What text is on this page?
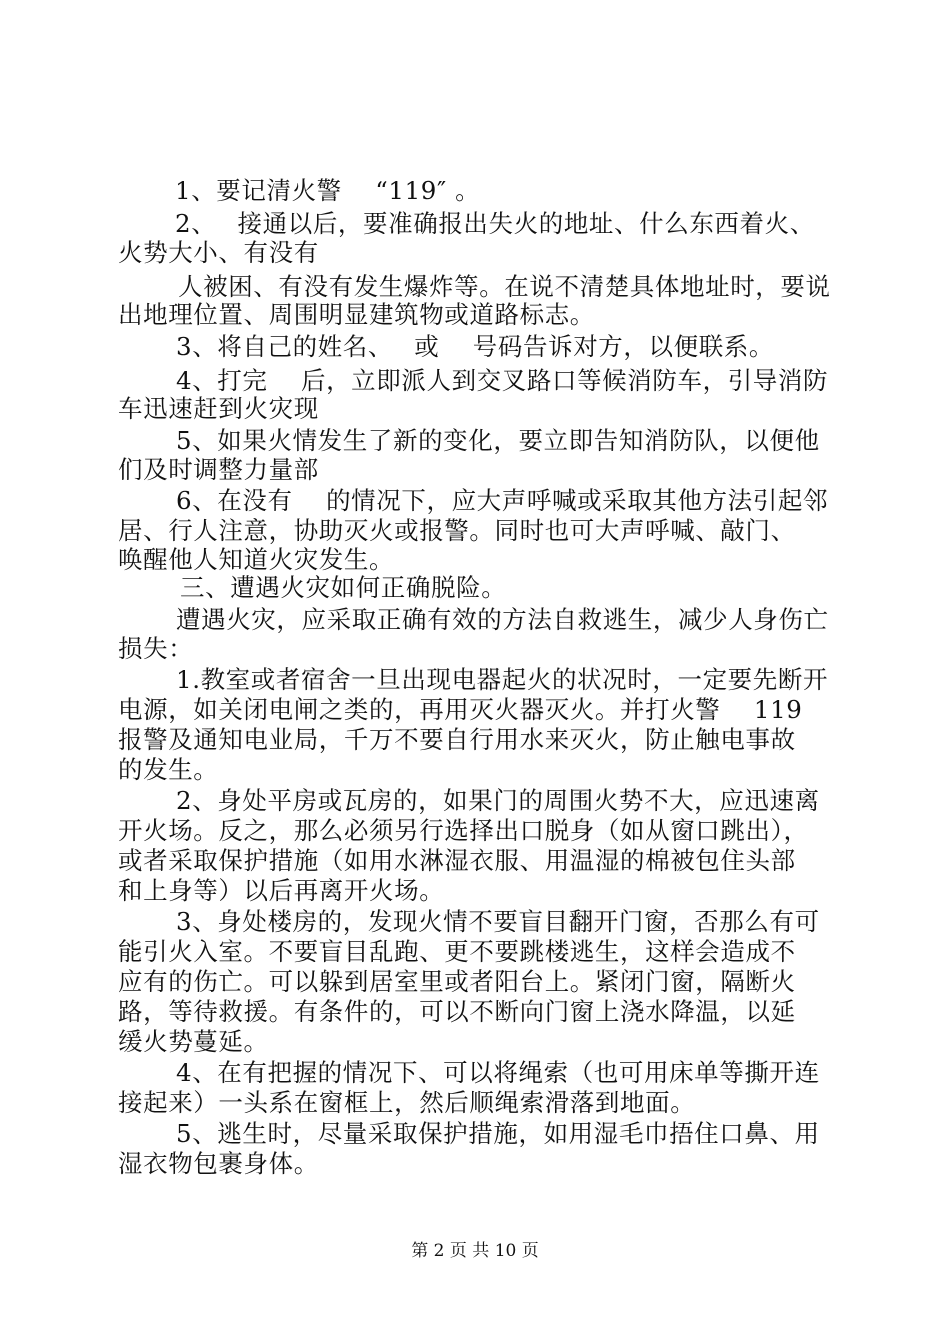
1、要记清火警　 “119″ 。
2、　 接通以后，要准确报出失火的地址、什么东西着火、
火势大小、有没有
人被困、有没有发生爆炸等。在说不清楚具体地址时，要说
出地理位置、周围明显建筑物或道路标志。
3、将自己的姓名、　 或　 号码告诉对方，以便联系。
4、打完　 后，立即派人到交叉路口等候消防车，引导消防
车迅速赶到火灾现
5、如果火情发生了新的变化，要立即告知消防队，以便他
们及时调整力量部
6、在没有　 的情况下，应大声呼喊或采取其他方法引起邻
居、行人注意，协助灭火或报警。同时也可大声呼喊、敲门、
唤醒他人知道火灾发生。
三、遭遇火灾如何正确脱险。
遭遇火灾，应采取正确有效的方法自救逃生，减少人身伤亡
损失：
1.教室或者宿舍一旦出现电器起火的状况时，一定要先断开
电源，如关闭电闸之类的，再用灭火器灭火。并打火警　 119
报警及通知电业局，千万不要自行用水来灭火，防止触电事故
的发生。
2、身处平房或瓦房的，如果门的周围火势不大，应迅速离
开火场。反之，那么必须另行选择出口脱身（如从窗口跳出），
或者采取保护措施（如用水淋湿衣服、用温湿的棉被包住头部
和上身等）以后再离开火场。
3、身处楼房的，发现火情不要盲目翻开门窗，否那么有可
能引火入室。不要盲目乱跑、更不要跳楼逃生，这样会造成不
应有的伤亡。可以躲到居室里或者阳台上。紧闭门窗，隔断火
路，等待救援。有条件的，可以不断向门窗上浇水降温，以延
缓火势蔓延。
4、在有把握的情况下、可以将绳索（也可用床单等撕开连
接起来）一头系在窗框上，然后顺绳索滑落到地面。
5、逃生时，尽量采取保护措施，如用湿毛巾捂住口鼻、用
湿衣物包裹身体。
第 2 页 共 10 页
